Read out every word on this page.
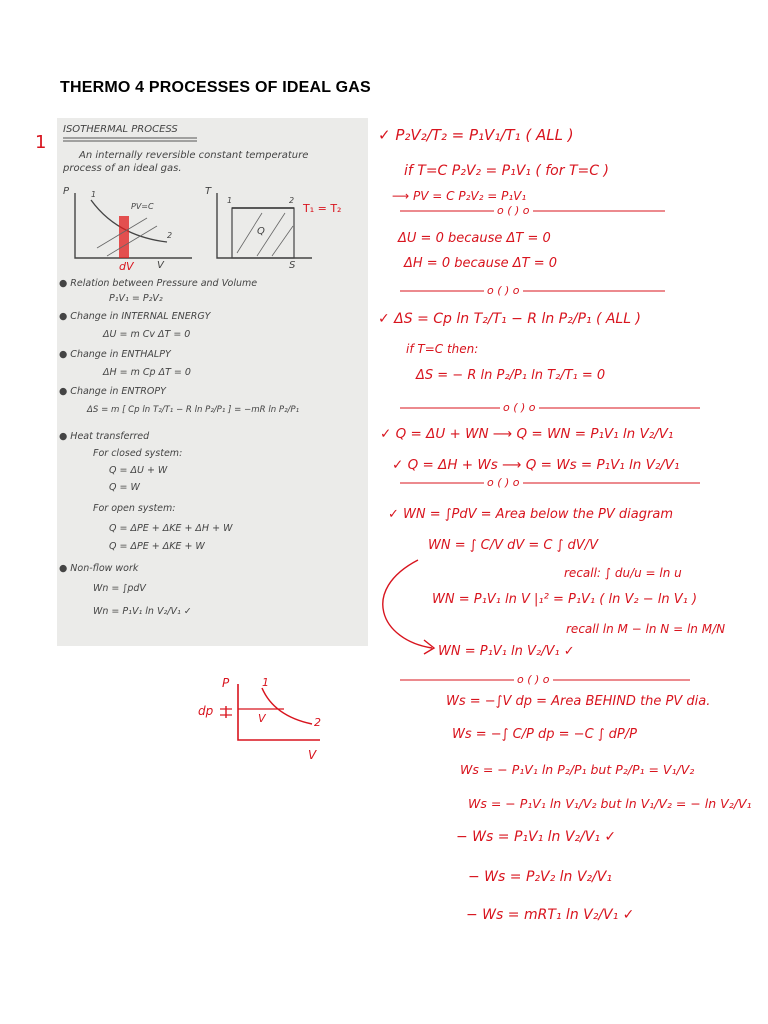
THERMO 4 PROCESSES OF IDEAL GAS
1
ISOTHERMAL PROCESS
An internally reversible constant temperature
process of an ideal gas.
P
V
PV=C
1
2
dV
T
S
1	2
Q
T₁ = T₂
● Relation between Pressure and Volume
P₁V₁ = P₂V₂
● Change in INTERNAL ENERGY
ΔU = m Cv ΔT = 0
● Change in ENTHALPY
ΔH = m Cp ΔT = 0
● Change in ENTROPY
ΔS = m [ Cp ln T₂/T₁ − R ln P₂/P₁ ] = −mR ln P₂/P₁
● Heat transferred
For closed system:
Q = ΔU + W
Q = W
For open system:
Q = ΔPE + ΔKE + ΔH + W
Q = ΔPE + ΔKE + W
● Non-flow work
Wn = ∫pdV
Wn = P₁V₁ ln V₂/V₁ ✓
P
dp
1
2
V
V
✓ P₂V₂/T₂ = P₁V₁/T₁ ( ALL )
if T=C P₂V₂ = P₁V₁ ( for T=C )
⟶ PV = C P₂V₂ = P₁V₁
o ( ) o
ΔU = 0 because ΔT = 0
ΔH = 0 because ΔT = 0
o ( ) o
✓ ΔS = Cp ln T₂/T₁ − R ln P₂/P₁ ( ALL )
if T=C then:
ΔS = − R ln P₂/P₁ ln T₂/T₁ = 0
o ( ) o
✓ Q = ΔU + WN ⟶ Q = WN = P₁V₁ ln V₂/V₁
✓ Q = ΔH + Ws ⟶ Q = Ws = P₁V₁ ln V₂/V₁
o ( ) o
✓ WN = ∫PdV = Area below the PV diagram
WN = ∫ C/V dV = C ∫ dV/V
recall: ∫ du/u = ln u
WN = P₁V₁ ln V |₁² = P₁V₁ ( ln V₂ − ln V₁ )
recall ln M − ln N = ln M/N
WN = P₁V₁ ln V₂/V₁ ✓
o ( ) o
Ws = −∫V dp = Area BEHIND the PV dia.
Ws = −∫ C/P dp = −C ∫ dP/P
Ws = − P₁V₁ ln P₂/P₁ but P₂/P₁ = V₁/V₂
Ws = − P₁V₁ ln V₁/V₂ but ln V₁/V₂ = − ln V₂/V₁
− Ws = P₁V₁ ln V₂/V₁ ✓
− Ws = P₂V₂ ln V₂/V₁
− Ws = mRT₁ ln V₂/V₁ ✓
